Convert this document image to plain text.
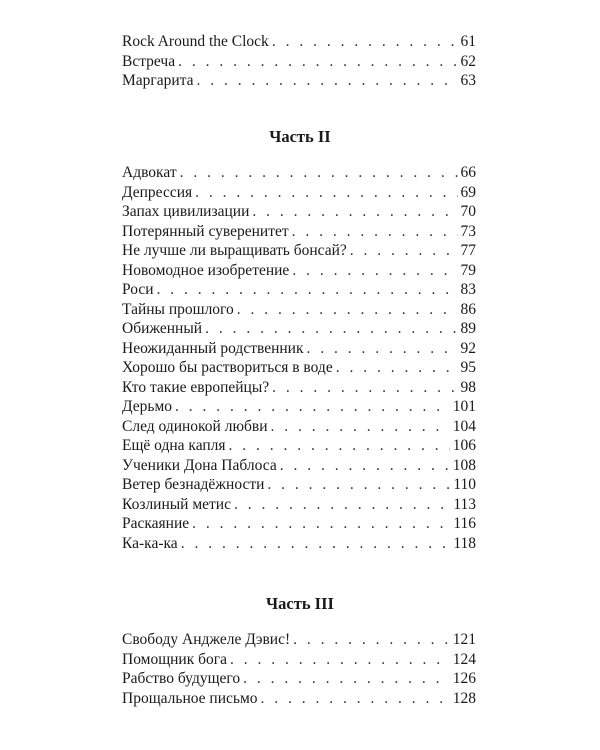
Rock Around the Clock . . .	61
Встреча . . .	62
Маргарита . . .	63
Часть II
Адвокат . . .	66
Депрессия . . .	69
Запах цивилизации . . .	70
Потерянный суверенитет . . .	73
Не лучше ли выращивать бонсай? . . .	77
Новомодное изобретение . . .	79
Роси . . .	83
Тайны прошлого . . .	86
Обиженный . . .	89
Неожиданный родственник . . .	92
Хорошо бы раствориться в воде . . .	95
Кто такие европейцы? . . .	98
Дерьмо . . .	101
След одинокой любви . . .	104
Ещё одна капля . . .	106
Ученики Дона Паблоса . . .	108
Ветер безнадёжности . . .	110
Козлиный метис . . .	113
Раскаяние . . .	116
Ка-ка-ка . . .	118
Часть III
Свободу Анджеле Дэвис! . . .	121
Помощник бога . . .	124
Рабство будущего . . .	126
Прощальное письмо . . .	128
